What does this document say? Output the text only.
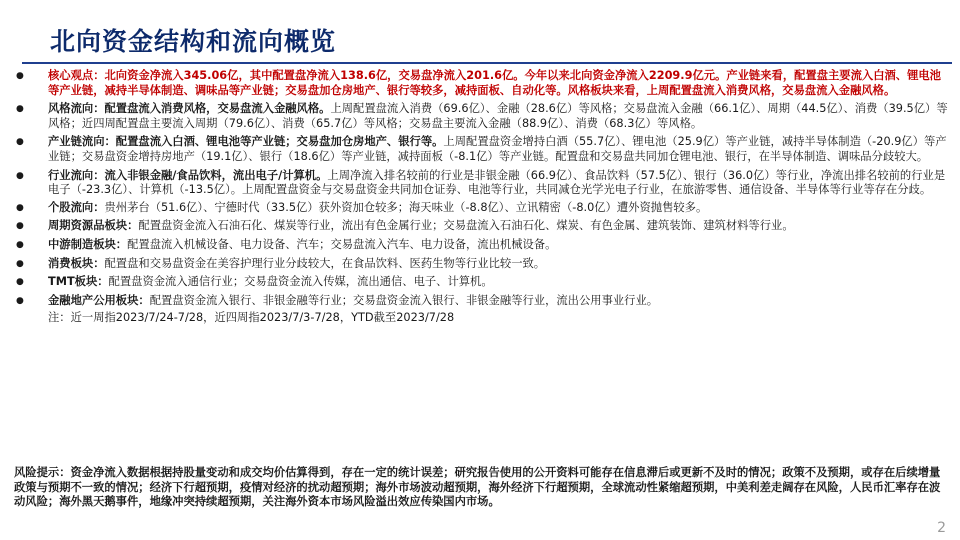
北向资金结构和流向概览
● 核心观点：北向资金净流入345.06亿，其中配置盘净流入138.6亿，交易盘净流入201.6亿。今年以来北向资金净流入2209.9亿元。产业链来看，配置盘主要流入白酒、锂电池等产业链，减持半导体制造、调味品等产业链；交易盘加仓房地产、银行等较多，减持面板、自动化等。风格板块来看，上周配置盘流入消费风格，交易盘流入金融风格。
● 风格流向：配置盘流入消费风格，交易盘流入金融风格。上周配置盘流入消费（69.6亿）、金融（28.6亿）等风格；交易盘流入金融（66.1亿）、周期（44.5亿）、消费（39.5亿）等风格；近四周配置盘主要流入周期（79.6亿）、消费（65.7亿）等风格；交易盘主要流入金融（88.9亿）、消费（68.3亿）等风格。
● 产业链流向：配置盘流入白酒、锂电池等产业链；交易盘加仓房地产、银行等。上周配置盘资金增持白酒（55.7亿）、锂电池（25.9亿）等产业链，减持半导体制造（-20.9亿）等产业链；交易盘资金增持房地产（19.1亿）、银行（18.6亿）等产业链，减持面板（-8.1亿）等产业链。配置盘和交易盘共同加仓锂电池、银行，在半导体制造、调味品分歧较大。
● 行业流向：流入非银金融/食品饮料，流出电子/计算机。上周净流入排名较前的行业是非银金融（66.9亿）、食品饮料（57.5亿）、银行（36.0亿）等行业，净流出排名较前的行业是电子（-23.3亿）、计算机（-13.5亿）。上周配置盘资金与交易盘资金共同加仓证券、电池等行业，共同减仓光学光电子行业，在旅游零售、通信设备、半导体等行业等存在分歧。
● 个股流向：贵州茅台（51.6亿）、宁德时代（33.5亿）获外资加仓较多；海天味业（-8.8亿）、立讯精密（-8.0亿）遭外资抛售较多。
● 周期资源品板块：配置盘资金流入石油石化、煤炭等行业，流出有色金属行业；交易盘流入石油石化、煤炭、有色金属、建筑装饰、建筑材料等行业。
● 中游制造板块：配置盘流入机械设备、电力设备、汽车；交易盘流入汽车、电力设备，流出机械设备。
● 消费板块：配置盘和交易盘资金在美容护理行业分歧较大，在食品饮料、医药生物等行业比较一致。
● TMT板块：配置盘资金流入通信行业；交易盘资金流入传媒，流出通信、电子、计算机。
● 金融地产公用板块：配置盘资金流入银行、非银金融等行业；交易盘资金流入银行、非银金融等行业，流出公用事业行业。
注：近一周指2023/7/24-7/28，近四周指2023/7/3-7/28，YTD截至2023/7/28
风险提示：资金净流入数据根据持股量变动和成交均价估算得到，存在一定的统计误差；研究报告使用的公开资料可能存在信息滞后或更新不及时的情况；政策不及预期，或存在后续增量政策与预期不一致的情况；经济下行超预期，疫情对经济的扰动超预期；海外市场波动超预期，海外经济下行超预期，全球流动性紧缩超预期，中美利差走阔存在风险，人民币汇率存在波动风险；海外黑天鹅事件，地缘冲突持续超预期，关注海外资本市场风险溢出效应传染国内市场。
2
